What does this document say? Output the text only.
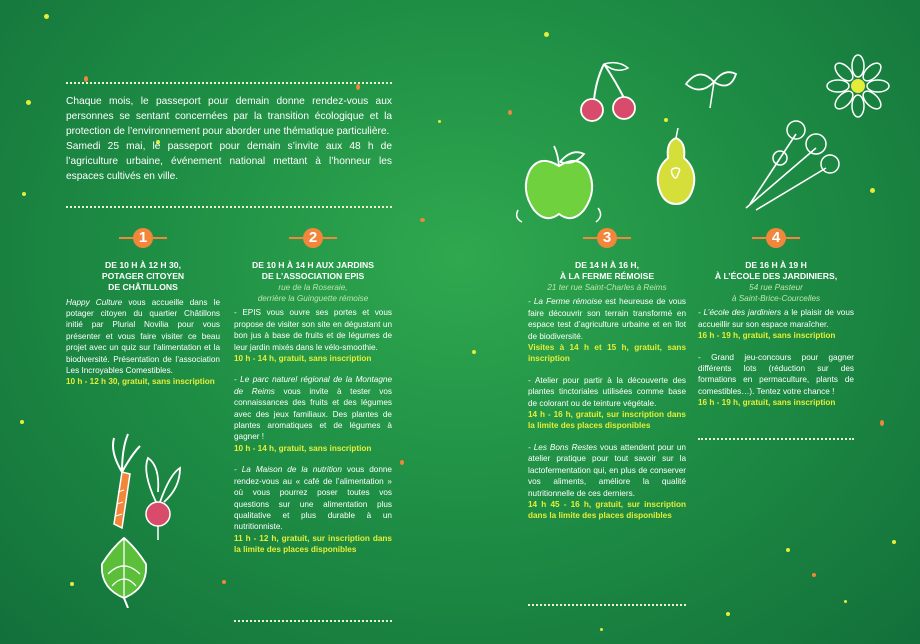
Chaque mois, le passeport pour demain donne rendez-vous aux personnes se sentant concernées par la transition écologique et la protection de l’environnement pour aborder une thématique particulière.

Samedi 25 mai, le passeport pour demain s’invite aux 48 h de l’agriculture urbaine, événement national mettant à l’honneur les espaces cultivés en ville.

1
DE 10 H À 12 H 30,
POTAGER CITOYEN
DE CHÂTILLONS

Happy Culture vous accueille dans le potager citoyen du quartier Châtillons initié par Plurial Novilia pour vous présenter et vous faire visiter ce beau projet avec un quiz sur l’alimentation et la biodiversité. Présentation de l’association Les Incroyables Comestibles.
10 h - 12 h 30, gratuit, sans inscription

2
DE 10 H À 14 H AUX JARDINS
DE L’ASSOCIATION EPIS
rue de la Roseraie,
derrière la Guinguette rémoise

- EPIS vous ouvre ses portes et vous propose de visiter son site en dégustant un bon jus à base de fruits et de légumes de leur jardin mixés dans le vélo-smoothie.
10 h - 14 h, gratuit, sans inscription

- Le parc naturel régional de la Montagne de Reims vous invite à tester vos connaissances des fruits et des légumes avec des jeux familiaux. Des plantes de plantes aromatiques et de légumes à gagner !
10 h - 14 h, gratuit, sans inscription

- La Maison de la nutrition vous donne rendez-vous au « café de l’alimentation » où vous pourrez poser toutes vos questions sur une alimentation plus qualitative et plus durable à un nutritionniste.
11 h - 12 h, gratuit, sur inscription dans la limite des places disponibles

3
DE 14 H À 16 H,
À LA FERME RÉMOISE
21 ter rue Saint-Charles à Reims

- La Ferme rémoise est heureuse de vous faire découvrir son terrain transformé en espace test d’agriculture urbaine et en îlot de biodiversité.
Visites à 14 h et 15 h, gratuit, sans inscription

- Atelier pour partir à la découverte des plantes tinctoriales utilisées comme base de colorant ou de teinture végétale.
14 h - 16 h, gratuit, sur inscription dans la limite des places disponibles

- Les Bons Restes vous attendent pour un atelier pratique pour tout savoir sur la lactofermentation qui, en plus de conserver vos aliments, améliore la qualité nutritionnelle de ces derniers.
14 h 45 - 16 h, gratuit, sur inscription dans la limite des places disponibles

4
DE 16 H À 19 H
À L’ÉCOLE DES JARDINIERS,
54 rue Pasteur
à Saint-Brice-Courcelles

- L’école des jardiniers a le plaisir de vous accueillir sur son espace maraîcher.
16 h - 19 h, gratuit, sans inscription

- Grand jeu-concours pour gagner différents lots (réduction sur des formations en permaculture, plants de comestibles…). Tentez votre chance !
16 h - 19 h, gratuit, sans inscription
